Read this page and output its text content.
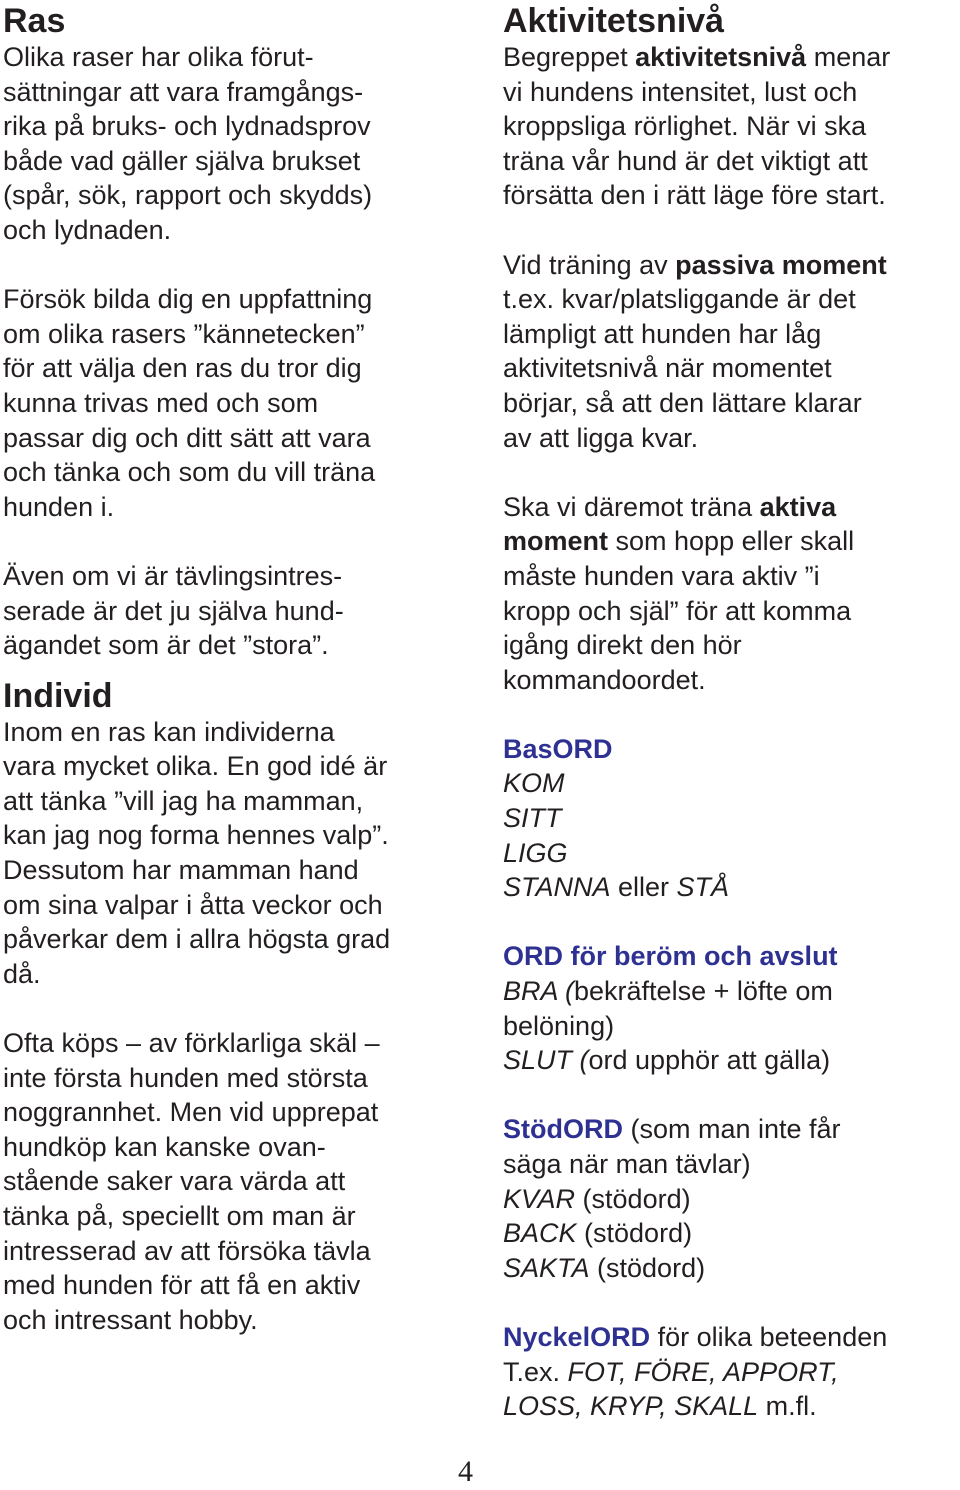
Ras

Olika raser har olika förut-
sättningar att vara framgångs-
rika på bruks- och lydnadsprov
både vad gäller själva brukset
(spår, sök, rapport och skydds)
och lydnaden.

Försök bilda dig en uppfattning
om olika rasers ”kännetecken”
för att välja den ras du tror dig
kunna trivas med och som
passar dig och ditt sätt att vara
och tänka och som du vill träna
hunden i.

Även om vi är tävlingsintres-
serade är det ju själva hund-
ägandet som är det ”stora”.

Individ

Inom en ras kan individerna
vara mycket olika. En god idé är
att tänka ”vill jag ha mamman,
kan jag nog forma hennes valp”.
Dessutom har mamman hand
om sina valpar i åtta veckor och
påverkar dem i allra högsta grad
då.

Ofta köps – av förklarliga skäl –
inte första hunden med största
noggrannhet. Men vid upprepat
hundköp kan kanske ovan-
stående saker vara värda att
tänka på, speciellt om man är
intresserad av att försöka tävla
med hunden för att få en aktiv
och intressant hobby.

Aktivitetsnivå

Begreppet aktivitetsnivå menar
vi hundens intensitet, lust och
kroppsliga rörlighet. När vi ska
träna vår hund är det viktigt att
försätta den i rätt läge före start.

Vid träning av passiva moment
t.ex. kvar/platsliggande är det
lämpligt att hunden har låg
aktivitetsnivå när momentet
börjar, så att den lättare klarar
av att ligga kvar.

Ska vi däremot träna aktiva
moment som hopp eller skall
måste hunden vara aktiv ”i
kropp och själ” för att komma
igång direkt den hör
kommandoordet.

BasORD
KOM
SITT
LIGG
STANNA eller STÅ

ORD för beröm och avslut
BRA (bekräftelse + löfte om
belöning)
SLUT (ord upphör att gälla)

StödORD (som man inte får
säga när man tävlar)
KVAR (stödord)
BACK (stödord)
SAKTA (stödord)

NyckelORD för olika beteenden
T.ex. FOT, FÖRE, APPORT,
LOSS, KRYP, SKALL m.fl.

4
